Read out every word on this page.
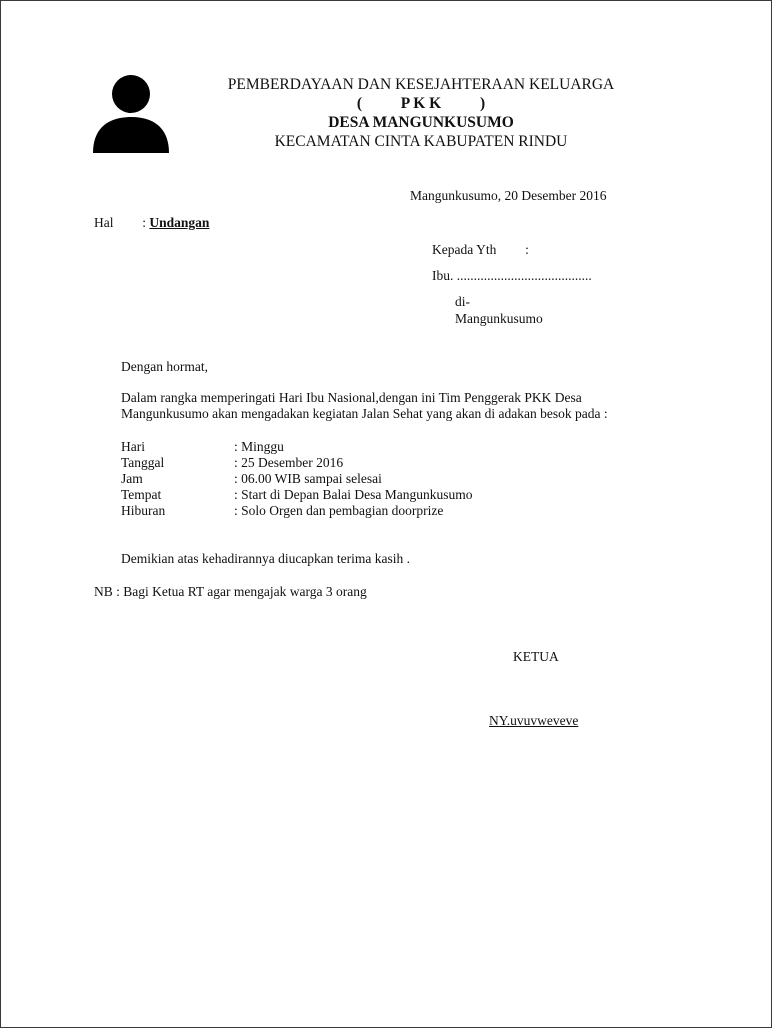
PEMBERDAYAAN DAN KESEJAHTERAAN KELUARGA
(          P K K          )
DESA MANGUNKUSUMO
KECAMATAN CINTA KABUPATEN RINDU
Mangunkusumo, 20 Desember 2016
Hal : Undangan
Kepada Yth :
Ibu. ........................................
di-
Mangunkusumo
Dengan hormat,
Dalam rangka memperingati Hari Ibu Nasional,dengan ini Tim Penggerak PKK Desa
Mangunkusumo akan mengadakan kegiatan Jalan Sehat yang akan di adakan besok pada :
Hari	: Minggu
Tanggal	: 25 Desember 2016
Jam	: 06.00 WIB sampai selesai
Tempat	: Start di Depan Balai Desa Mangunkusumo
Hiburan	: Solo Orgen dan pembagian doorprize
Demikian atas kehadirannya diucapkan terima kasih .
NB : Bagi Ketua RT agar mengajak warga 3 orang
KETUA
NY.uvuvweveve
